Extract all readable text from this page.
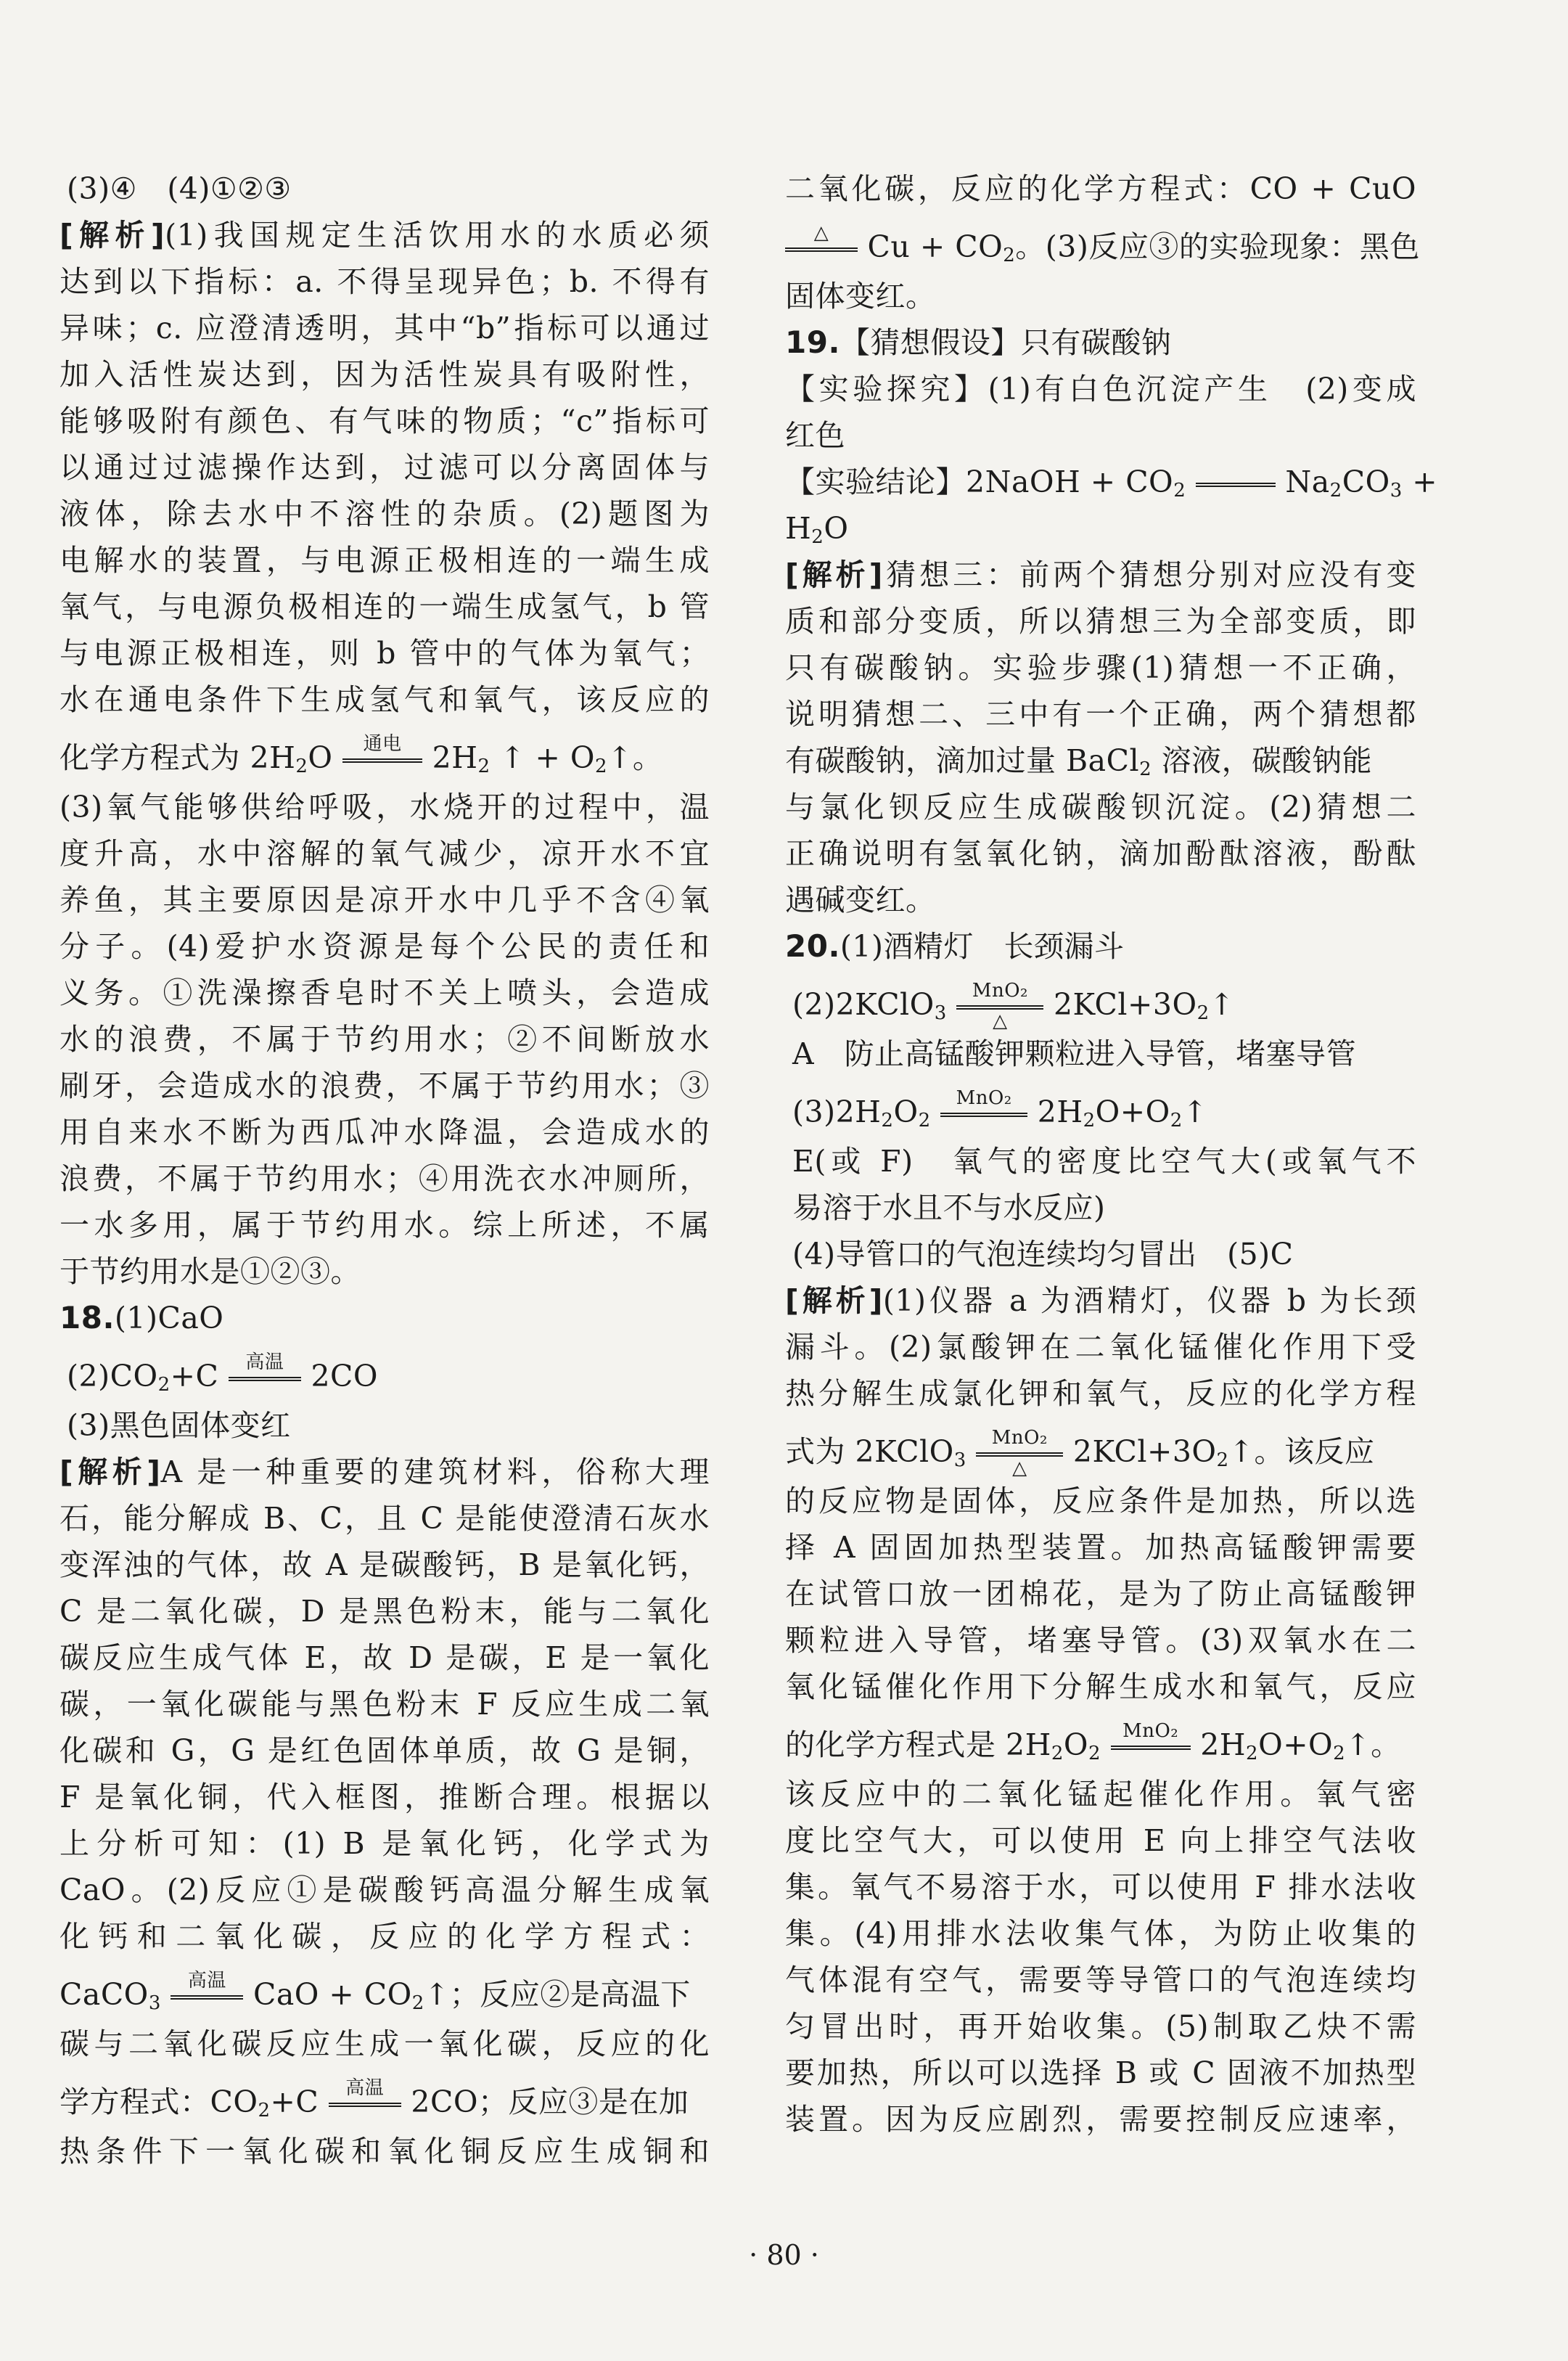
(3)④　(4)①②③
[解析](1)我国规定生活饮用水的水质必须
达到以下指标：a. 不得呈现异色；b. 不得有
异味；c. 应澄清透明，其中“b”指标可以通过
加入活性炭达到，因为活性炭具有吸附性，
能够吸附有颜色、有气味的物质；“c”指标可
以通过过滤操作达到，过滤可以分离固体与
液体，除去水中不溶性的杂质。(2)题图为
电解水的装置，与电源正极相连的一端生成
氧气，与电源负极相连的一端生成氢气，b 管
与电源正极相连，则 b 管中的气体为氧气；
水在通电条件下生成氢气和氧气，该反应的
化学方程式为 $2H_2O$	通电	$2H_2$ ↑ + $O_2↑$。
(3)氧气能够供给呼吸，水烧开的过程中，温
度升高，水中溶解的氧气减少，凉开水不宜
养鱼，其主要原因是凉开水中几乎不含④氧
分子。(4)爱护水资源是每个公民的责任和
义务。①洗澡擦香皂时不关上喷头，会造成
水的浪费，不属于节约用水；②不间断放水
刷牙，会造成水的浪费，不属于节约用水；③
用自来水不断为西瓜冲水降温，会造成水的
浪费，不属于节约用水；④用洗衣水冲厕所，
一水多用，属于节约用水。综上所述，不属
于节约用水是①②③。
18.(1)CaO
$(2)CO_2+C$	高温 2CO
(3)黑色固体变红
[解析]A 是一种重要的建筑材料，俗称大理
石，能分解成 B、C，且 C 是能使澄清石灰水
变浑浊的气体，故 A 是碳酸钙，B 是氧化钙，
C 是二氧化碳，D 是黑色粉末，能与二氧化
碳反应生成气体 E，故 D 是碳，E 是一氧化
碳，一氧化碳能与黑色粉末 F 反应生成二氧
化碳和 G，G 是红色固体单质，故 G 是铜，
F 是氧化铜，代入框图，推断合理。根据以
上分析可知：(1) B 是氧化钙，化学式为
CaO。(2)反应①是碳酸钙高温分解生成氧
化钙和二氧化碳，反应的化学方程式：
CaCO$_3$
高温 CaO + $CO_2↑$；反应②是高温下
碳与二氧化碳反应生成一氧化碳，反应的化
学方程式：$CO_2+C$	高温 2CO；反应③是在加
热条件下一氧化碳和氧化铜反应生成铜和
二氧化碳，反应的化学方程式：CO + CuO
△	$Cu + CO_2$。(3)反应③的实验现象：黑色
固体变红。
19.【猜想假设】只有碳酸钠
【实验探究】(1)有白色沉淀产生　(2)变成
红色
【实验结论】2NaOH + $CO_2$	$Na_2CO_3$ +
$H_2O$
[解析]猜想三：前两个猜想分别对应没有变
质和部分变质，所以猜想三为全部变质，即
只有碳酸钠。实验步骤(1)猜想一不正确，
说明猜想二、三中有一个正确，两个猜想都
有碳酸钠，滴加过量 BaCl$_2$ 溶液，碳酸钠能
与氯化钡反应生成碳酸钡沉淀。(2)猜想二
正确说明有氢氧化钠，滴加酚酞溶液，酚酞
遇碱变红。
20.(1)酒精灯　长颈漏斗
(2)2KClO$_3$
MnO₂
△	$2KCl+3O_2↑$
A　防止高锰酸钾颗粒进入导管，堵塞导管
$(3)2H_2O_2$
MnO₂ $2H_2O+O_2↑$
E(或 F)　氧气的密度比空气大(或氧气不
易溶于水且不与水反应)
(4)导管口的气泡连续均匀冒出　(5)C
[解析](1)仪器 a 为酒精灯，仪器 b 为长颈
漏斗。(2)氯酸钾在二氧化锰催化作用下受
热分解生成氯化钾和氧气，反应的化学方程
式为 2KClO$_3$
MnO₂
△	$2KCl+3O_2↑$。该反应
的反应物是固体，反应条件是加热，所以选
择 A 固固加热型装置。加热高锰酸钾需要
在试管口放一团棉花，是为了防止高锰酸钾
颗粒进入导管，堵塞导管。(3)双氧水在二
氧化锰催化作用下分解生成水和氧气，反应
的化学方程式是 $2H_2O_2$
MnO₂ $2H_2O+O_2↑$。
该反应中的二氧化锰起催化作用。氧气密
度比空气大，可以使用 E 向上排空气法收
集。氧气不易溶于水，可以使用 F 排水法收
集。(4)用排水法收集气体，为防止收集的
气体混有空气，需要等导管口的气泡连续均
匀冒出时，再开始收集。(5)制取乙炔不需
要加热，所以可以选择 B 或 C 固液不加热型
装置。因为反应剧烈，需要控制反应速率，
· 80 ·
